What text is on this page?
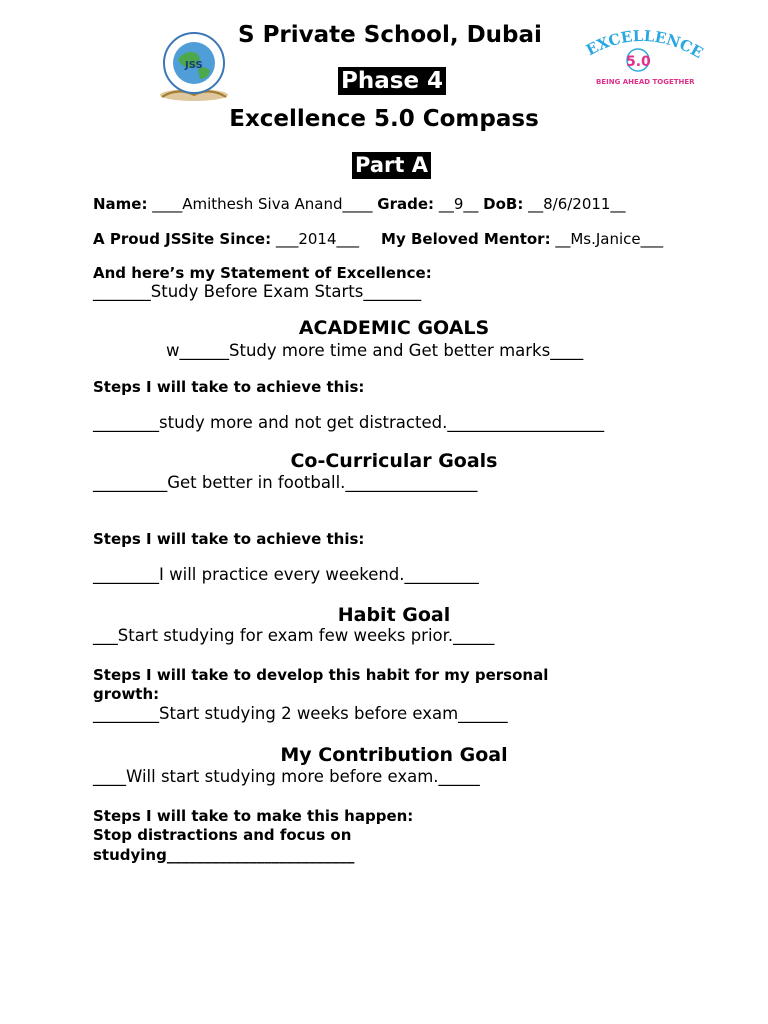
JSS
S Private School, Dubai
EXCELLENC
5.0
BEING AHEAD TOGETHER
Phase 4
Excellence 5.0 Compass
Part A
Name: ____Amithesh Siva Anand____ Grade: __9__ DoB: __8/6/2011__
A Proud JSSite Since: ___2014___ My Beloved Mentor: __Ms.Janice___
And here’s my Statement of Excellence:
_______Study Before Exam Starts_______
ACADEMIC GOALS
w______Study more time and Get better marks____
Steps I will take to achieve this:
________study more and not get distracted.___________________
Co-Curricular Goals
_________Get better in football.________________
Steps I will take to achieve this:
________I will practice every weekend._________
Habit Goal
___Start studying for exam few weeks prior._____
Steps I will take to develop this habit for my personal
growth:
________Start studying 2 weeks before exam______
My Contribution Goal
____Will start studying more before exam._____
Steps I will take to make this happen:
Stop distractions and focus on
studying_________________________
